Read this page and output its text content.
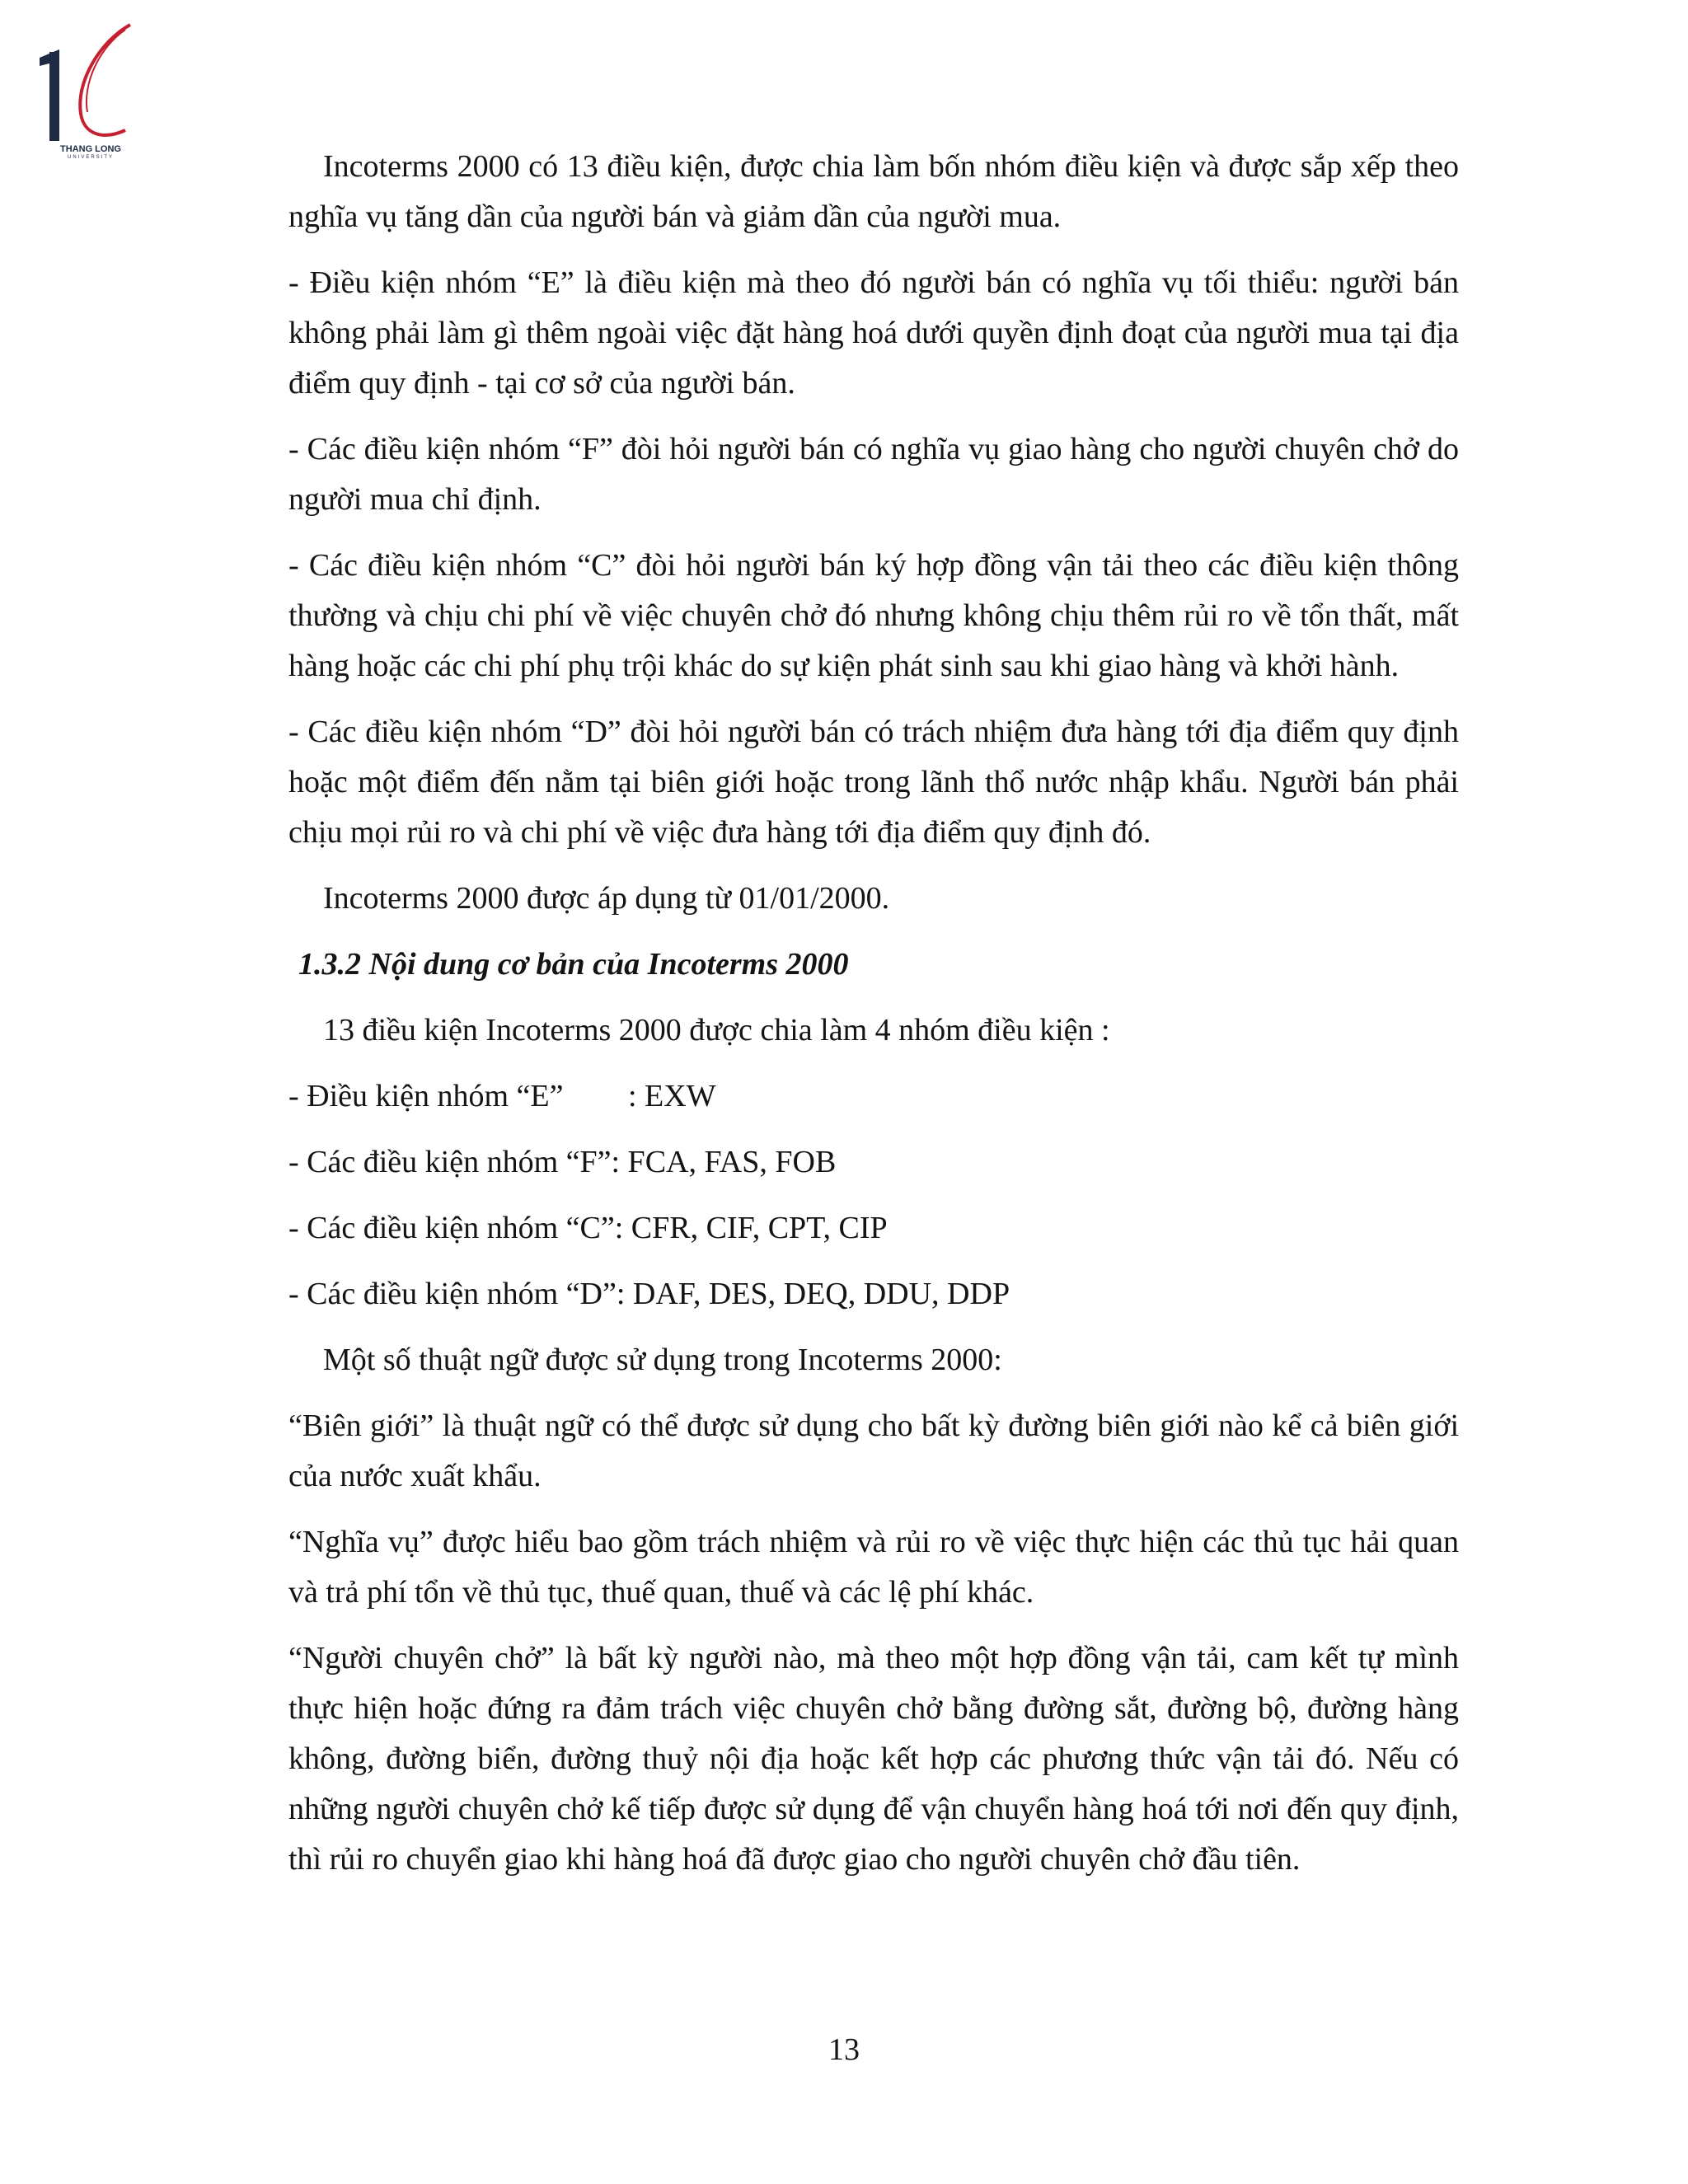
THANG LONG
UNIVERSITY	Incoterms 2000 có 13 điều kiện, được chia làm bốn nhóm điều kiện và được sắp xếp theo nghĩa vụ tăng dần của người bán và giảm dần của người mua.

- Điều kiện nhóm “E” là điều kiện mà theo đó người bán có nghĩa vụ tối thiểu: người bán không phải làm gì thêm ngoài việc đặt hàng hoá dưới quyền định đoạt của người mua tại địa điểm quy định - tại cơ sở của người bán.

- Các điều kiện nhóm “F” đòi hỏi người bán có nghĩa vụ giao hàng cho người chuyên chở do người mua chỉ định.

- Các điều kiện nhóm “C” đòi hỏi người bán ký hợp đồng vận tải theo các điều kiện thông thường và chịu chi phí về việc chuyên chở đó nhưng không chịu thêm rủi ro về tổn thất, mất hàng hoặc các chi phí phụ trội khác do sự kiện phát sinh sau khi giao hàng và khởi hành.

- Các điều kiện nhóm “D” đòi hỏi người bán có trách nhiệm đưa hàng tới địa điểm quy định hoặc một điểm đến nằm tại biên giới hoặc trong lãnh thổ nước nhập khẩu. Người bán phải chịu mọi rủi ro và chi phí về việc đưa hàng tới địa điểm quy định đó.

Incoterms 2000 được áp dụng từ 01/01/2000.

1.3.2 Nội dung cơ bản của Incoterms 2000

13 điều kiện Incoterms 2000 được chia làm 4 nhóm điều kiện :

- Điều kiện nhóm “E” : EXW

- Các điều kiện nhóm “F”: FCA, FAS, FOB

- Các điều kiện nhóm “C”: CFR, CIF, CPT, CIP

- Các điều kiện nhóm “D”: DAF, DES, DEQ, DDU, DDP

Một số thuật ngữ được sử dụng trong Incoterms 2000:

“Biên giới” là thuật ngữ có thể được sử dụng cho bất kỳ đường biên giới nào kể cả biên giới của nước xuất khẩu.

“Nghĩa vụ” được hiểu bao gồm trách nhiệm và rủi ro về việc thực hiện các thủ tục hải quan và trả phí tổn về thủ tục, thuế quan, thuế và các lệ phí khác.

“Người chuyên chở” là bất kỳ người nào, mà theo một hợp đồng vận tải, cam kết tự mình thực hiện hoặc đứng ra đảm trách việc chuyên chở bằng đường sắt, đường bộ, đường hàng không, đường biển, đường thuỷ nội địa hoặc kết hợp các phương thức vận tải đó. Nếu có những người chuyên chở kế tiếp được sử dụng để vận chuyển hàng hoá tới nơi đến quy định, thì rủi ro chuyển giao khi hàng hoá đã được giao cho người chuyên chở đầu tiên.

13
